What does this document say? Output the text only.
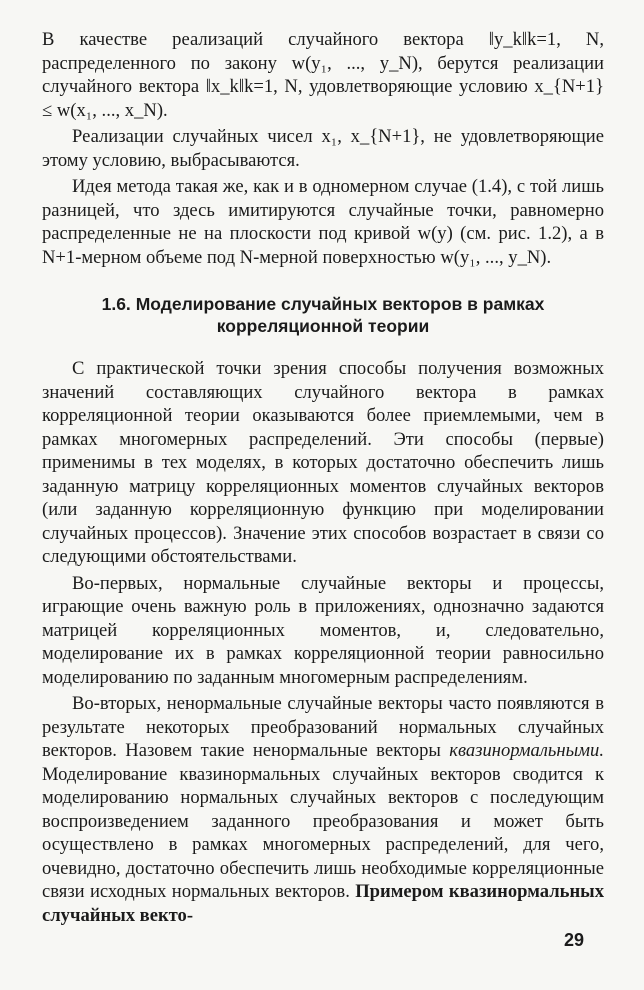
В качестве реализаций случайного вектора ‖y_k‖k=1, N, распределенного по закону w(y₁, ..., y_N), берутся реализации случайного вектора ‖x_k‖k=1, N, удовлетворяющие условию x_{N+1} ≤ w(x₁, ..., x_N).

Реализации случайных чисел x₁, x_{N+1}, не удовлетворяющие этому условию, выбрасываются.

Идея метода такая же, как и в одномерном случае (1.4), с той лишь разницей, что здесь имитируются случайные точки, равномерно распределенные не на плоскости под кривой w(y) (см. рис. 1.2), а в N+1-мерном объеме под N-мерной поверхностью w(y₁, ..., y_N).

1.6. Моделирование случайных векторов в рамках
корреляционной теории

С практической точки зрения способы получения возможных значений составляющих случайного вектора в рамках корреляционной теории оказываются более приемлемыми, чем в рамках многомерных распределений. Эти способы (первые) применимы в тех моделях, в которых достаточно обеспечить лишь заданную матрицу корреляционных моментов случайных векторов (или заданную корреляционную функцию при моделировании случайных процессов). Значение этих способов возрастает в связи со следующими обстоятельствами.

Во-первых, нормальные случайные векторы и процессы, играющие очень важную роль в приложениях, однозначно задаются матрицей корреляционных моментов, и, следовательно, моделирование их в рамках корреляционной теории равносильно моделированию по заданным многомерным распределениям.

Во-вторых, ненормальные случайные векторы часто появляются в результате некоторых преобразований нормальных случайных векторов. Назовем такие ненормальные векторы квазинормальными. Моделирование квазинормальных случайных векторов сводится к моделированию нормальных случайных векторов с последующим воспроизведением заданного преобразования и может быть осуществлено в рамках многомерных распределений, для чего, очевидно, достаточно обеспечить лишь необходимые корреляционные связи исходных нормальных векторов. Примером квазинормальных случайных векто-

29
